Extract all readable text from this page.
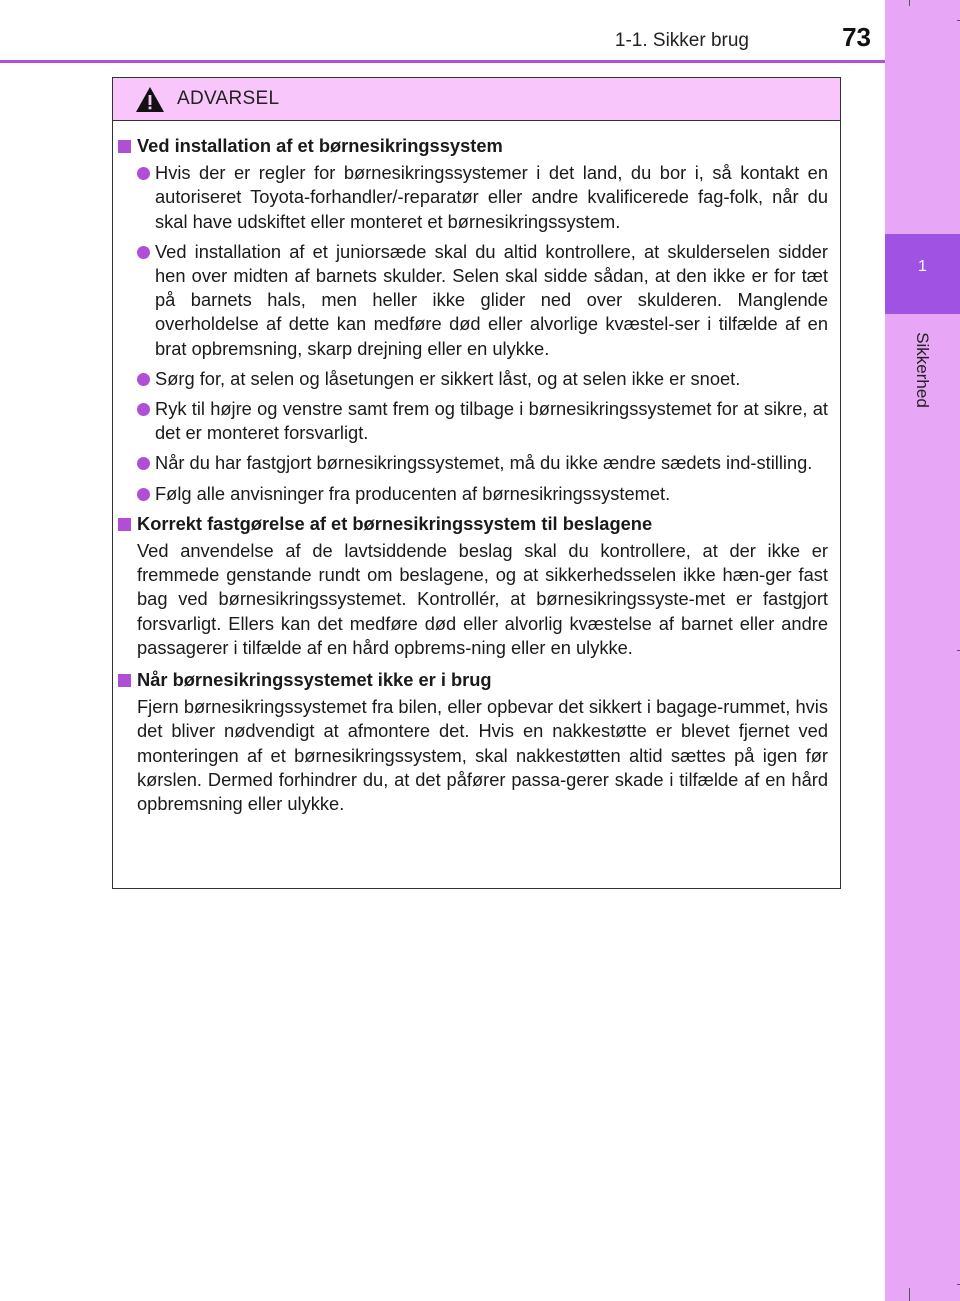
1-1. Sikker brug	73
1
Sikkerhed
ADVARSEL
Ved installation af et børnesikringssystem
Hvis der er regler for børnesikringssystemer i det land, du bor i, så kontakt en autoriseret Toyota-forhandler/-reparatør eller andre kvalificerede fag-folk, når du skal have udskiftet eller monteret et børnesikringssystem.
Ved installation af et juniorsæde skal du altid kontrollere, at skulderselen sidder hen over midten af barnets skulder. Selen skal sidde sådan, at den ikke er for tæt på barnets hals, men heller ikke glider ned over skulderen. Manglende overholdelse af dette kan medføre død eller alvorlige kvæstel-ser i tilfælde af en brat opbremsning, skarp drejning eller en ulykke.
Sørg for, at selen og låsetungen er sikkert låst, og at selen ikke er snoet.
Ryk til højre og venstre samt frem og tilbage i børnesikringssystemet for at sikre, at det er monteret forsvarligt.
Når du har fastgjort børnesikringssystemet, må du ikke ændre sædets ind-stilling.
Følg alle anvisninger fra producenten af børnesikringssystemet.
Korrekt fastgørelse af et børnesikringssystem til beslagene
Ved anvendelse af de lavtsiddende beslag skal du kontrollere, at der ikke er fremmede genstande rundt om beslagene, og at sikkerhedsselen ikke hæn-ger fast bag ved børnesikringssystemet. Kontrollér, at børnesikringssyste-met er fastgjort forsvarligt. Ellers kan det medføre død eller alvorlig kvæstelse af barnet eller andre passagerer i tilfælde af en hård opbrems-ning eller en ulykke.
Når børnesikringssystemet ikke er i brug
Fjern børnesikringssystemet fra bilen, eller opbevar det sikkert i bagage-rummet, hvis det bliver nødvendigt at afmontere det. Hvis en nakkestøtte er blevet fjernet ved monteringen af et børnesikringssystem, skal nakkestøtten altid sættes på igen før kørslen. Dermed forhindrer du, at det påfører passa-gerer skade i tilfælde af en hård opbremsning eller ulykke.
